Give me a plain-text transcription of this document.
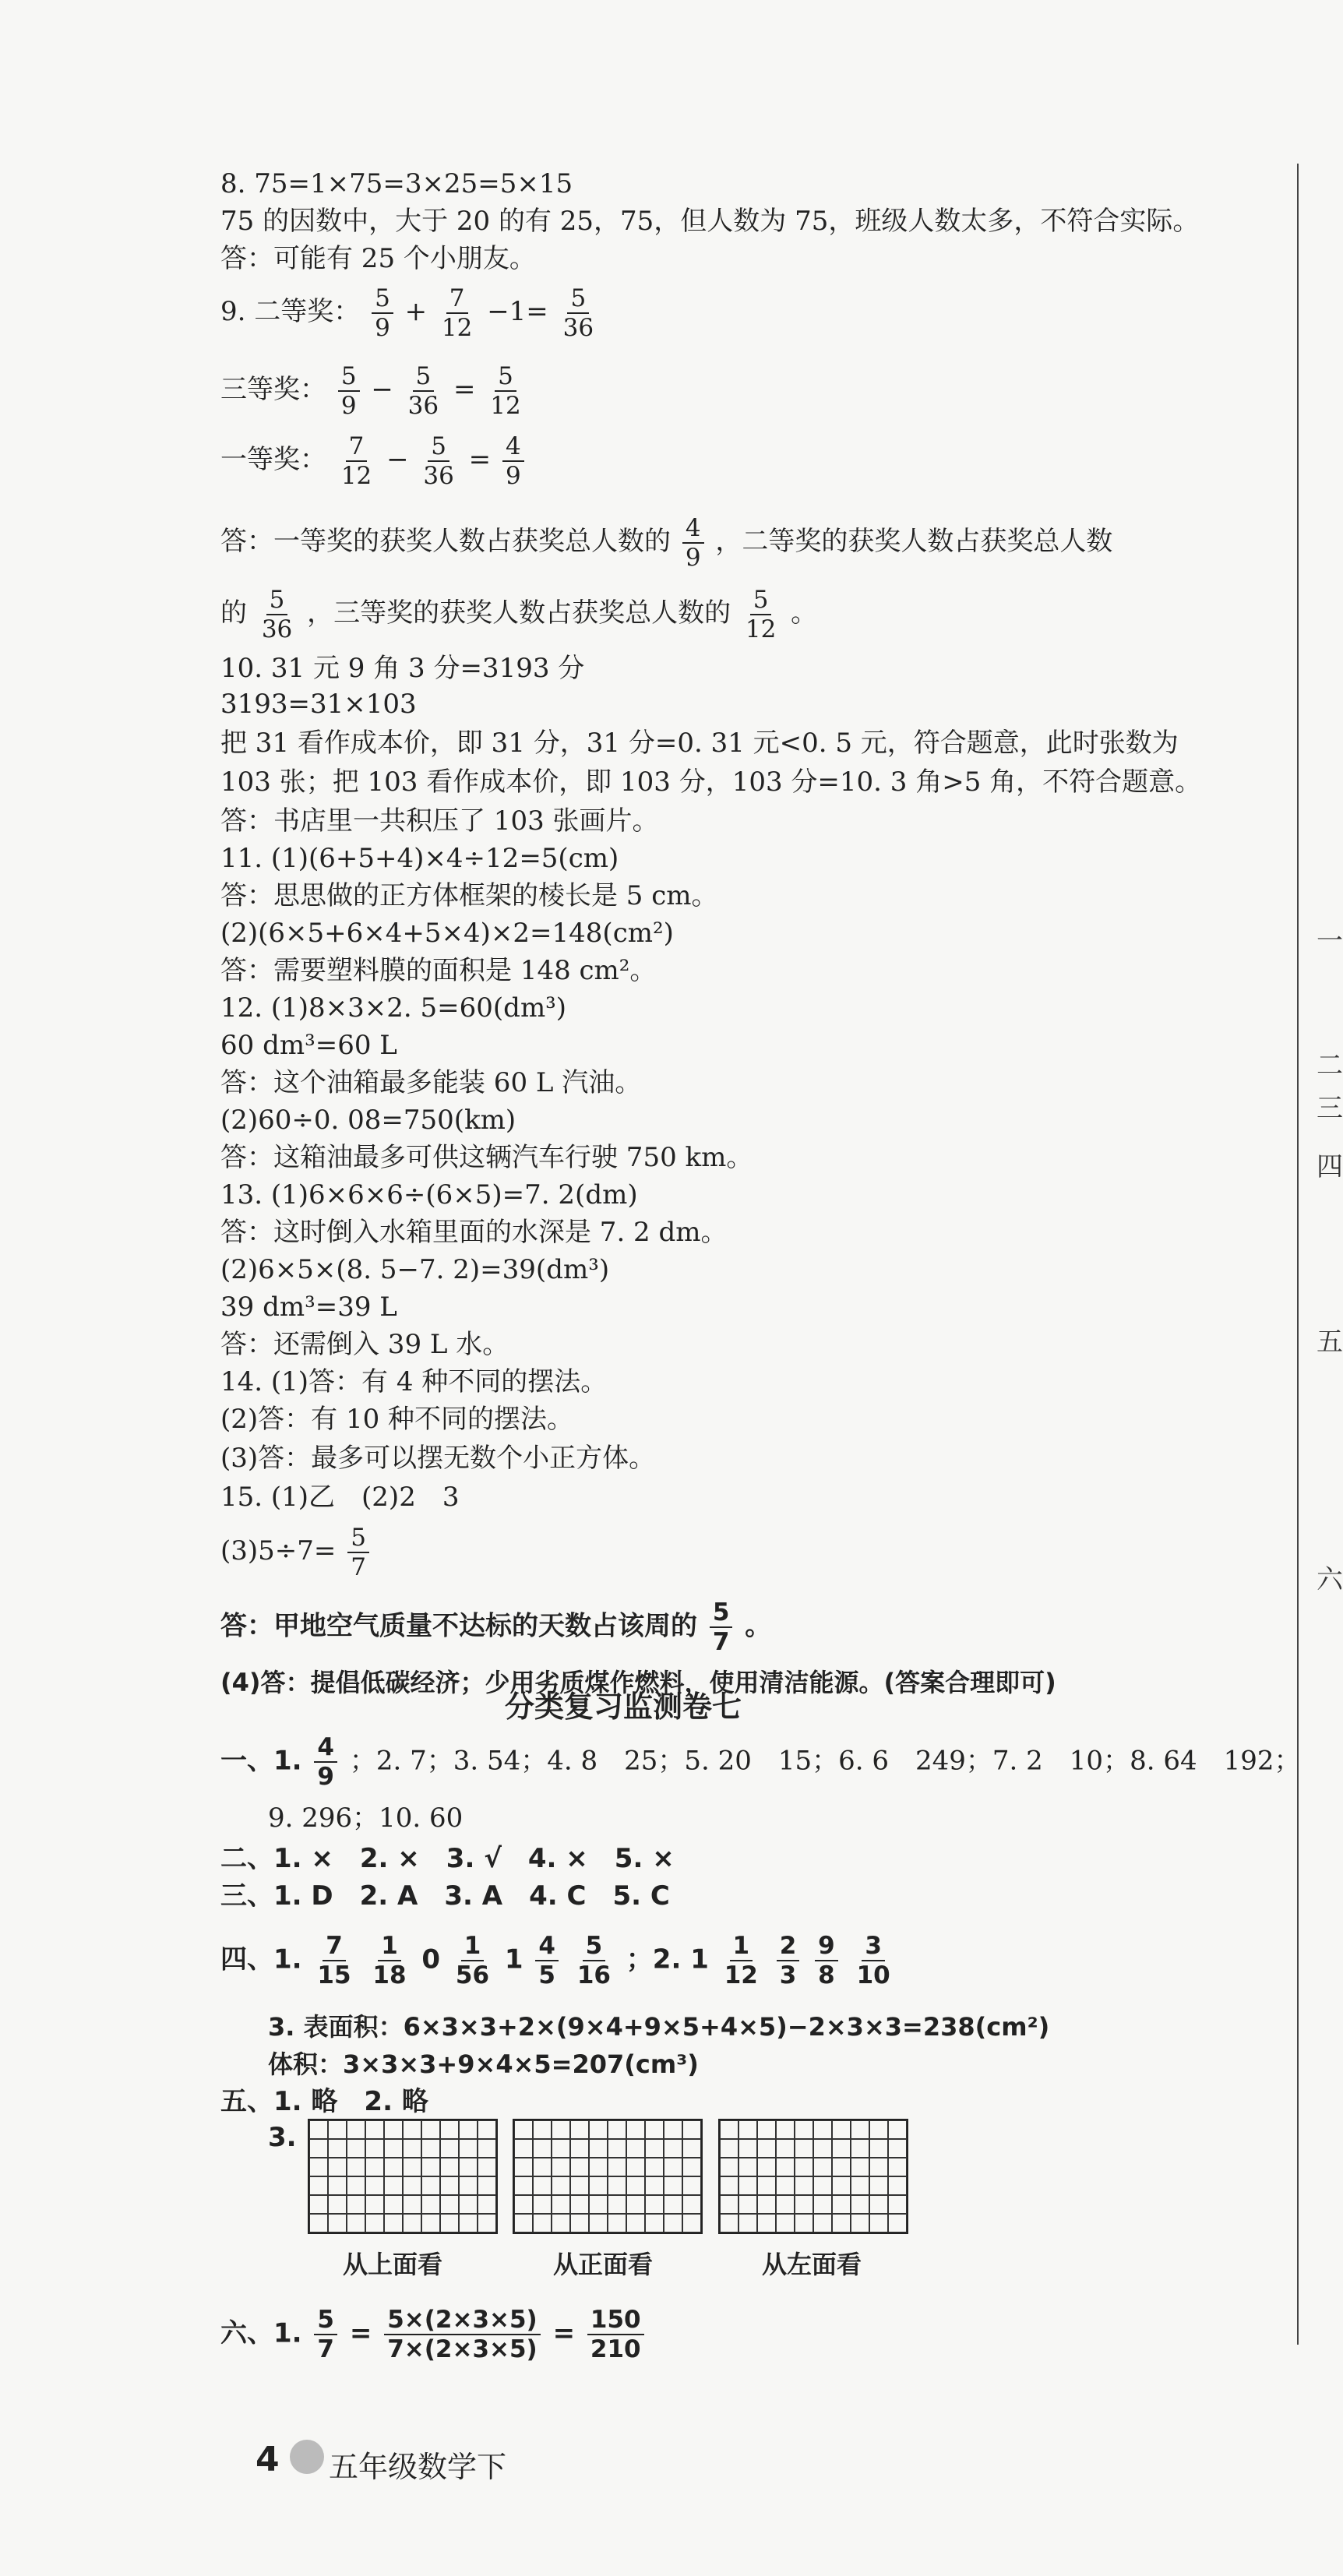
8. 75=1×75=3×25=5×15
75 的因数中，大于 20 的有 25，75，但人数为 75，班级人数太多，不符合实际。
答：可能有 25 个小朋友。
9. 二等奖： $\frac{5}{9} + \frac{7}{12} -1= \frac{5}{36}$
三等奖： $\frac{5}{9} - \frac{5}{36} = \frac{5}{12}$
一等奖： $\frac{7}{12} - \frac{5}{36} = \frac{4}{9}$
答：一等奖的获奖人数占获奖总人数的 $\frac{4}{9}$ ，二等奖的获奖人数占获奖总人数
的 $\frac{5}{36}$ ，三等奖的获奖人数占获奖总人数的 $\frac{5}{12}$ 。
10. 31 元 9 角 3 分=3193 分
3193=31×103
把 31 看作成本价，即 31 分，31 分=0. 31 元<0. 5 元，符合题意，此时张数为
103 张；把 103 看作成本价，即 103 分，103 分=10. 3 角>5 角，不符合题意。
答：书店里一共积压了 103 张画片。
11. (1)(6+5+4)×4÷12=5(cm)
答：思思做的正方体框架的棱长是 5 cm。
(2)(6×5+6×4+5×4)×2=148(cm²)
答：需要塑料膜的面积是 148 cm²。
12. (1)8×3×2. 5=60(dm³)
60 dm³=60 L
答：这个油箱最多能装 60 L 汽油。
(2)60÷0. 08=750(km)
答：这箱油最多可供这辆汽车行驶 750 km。
13. (1)6×6×6÷(6×5)=7. 2(dm)
答：这时倒入水箱里面的水深是 7. 2 dm。
(2)6×5×(8. 5−7. 2)=39(dm³)
39 dm³=39 L
答：还需倒入 39 L 水。
14. (1)答：有 4 种不同的摆法。
(2)答：有 10 种不同的摆法。
(3)答：最多可以摆无数个小正方体。
15. (1)乙　(2)2　3
$(3)5\div 7= \frac{5}{7}$
答：甲地空气质量不达标的天数占该周的 $\frac{5}{7}$ 。
(4)答：提倡低碳经济；少用劣质煤作燃料，使用清洁能源。(答案合理即可)
分类复习监测卷七
一、1. $\frac{4}{9}$ ；2. 7；3. 54；4. 8　25；5. 20　15；6. 6　249；7. 2　10；8. 64　192；
9. 296；10. 60
二、1. ×　2. ×　3. √　4. ×　5. ×
三、1. D　2. A　3. A　4. C　5. C
四、1. $\frac{7}{15}$
$\frac{1}{18} 0 \frac{1}{56} 1 \frac{4}{5}$
$\frac{5}{16}$ ；2. $1 \frac{1}{12}$
$\frac{2}{3}$
$\frac{9}{8}$
$\frac{3}{10}$
3. 表面积：6×3×3+2×(9×4+9×5+4×5)−2×3×3=238(cm²)
体积：3×3×3+9×4×5=207(cm³)
五、1. 略　2. 略
3.
从上面看	从正面看	从左面看
六、1. $\frac{5}{7} = \frac{5\times(2\times 3\times 5)}{7\times(2\times 3\times 5)} = \frac{150}{210}$
一
二
三
四
五
六
4 五年级数学下
